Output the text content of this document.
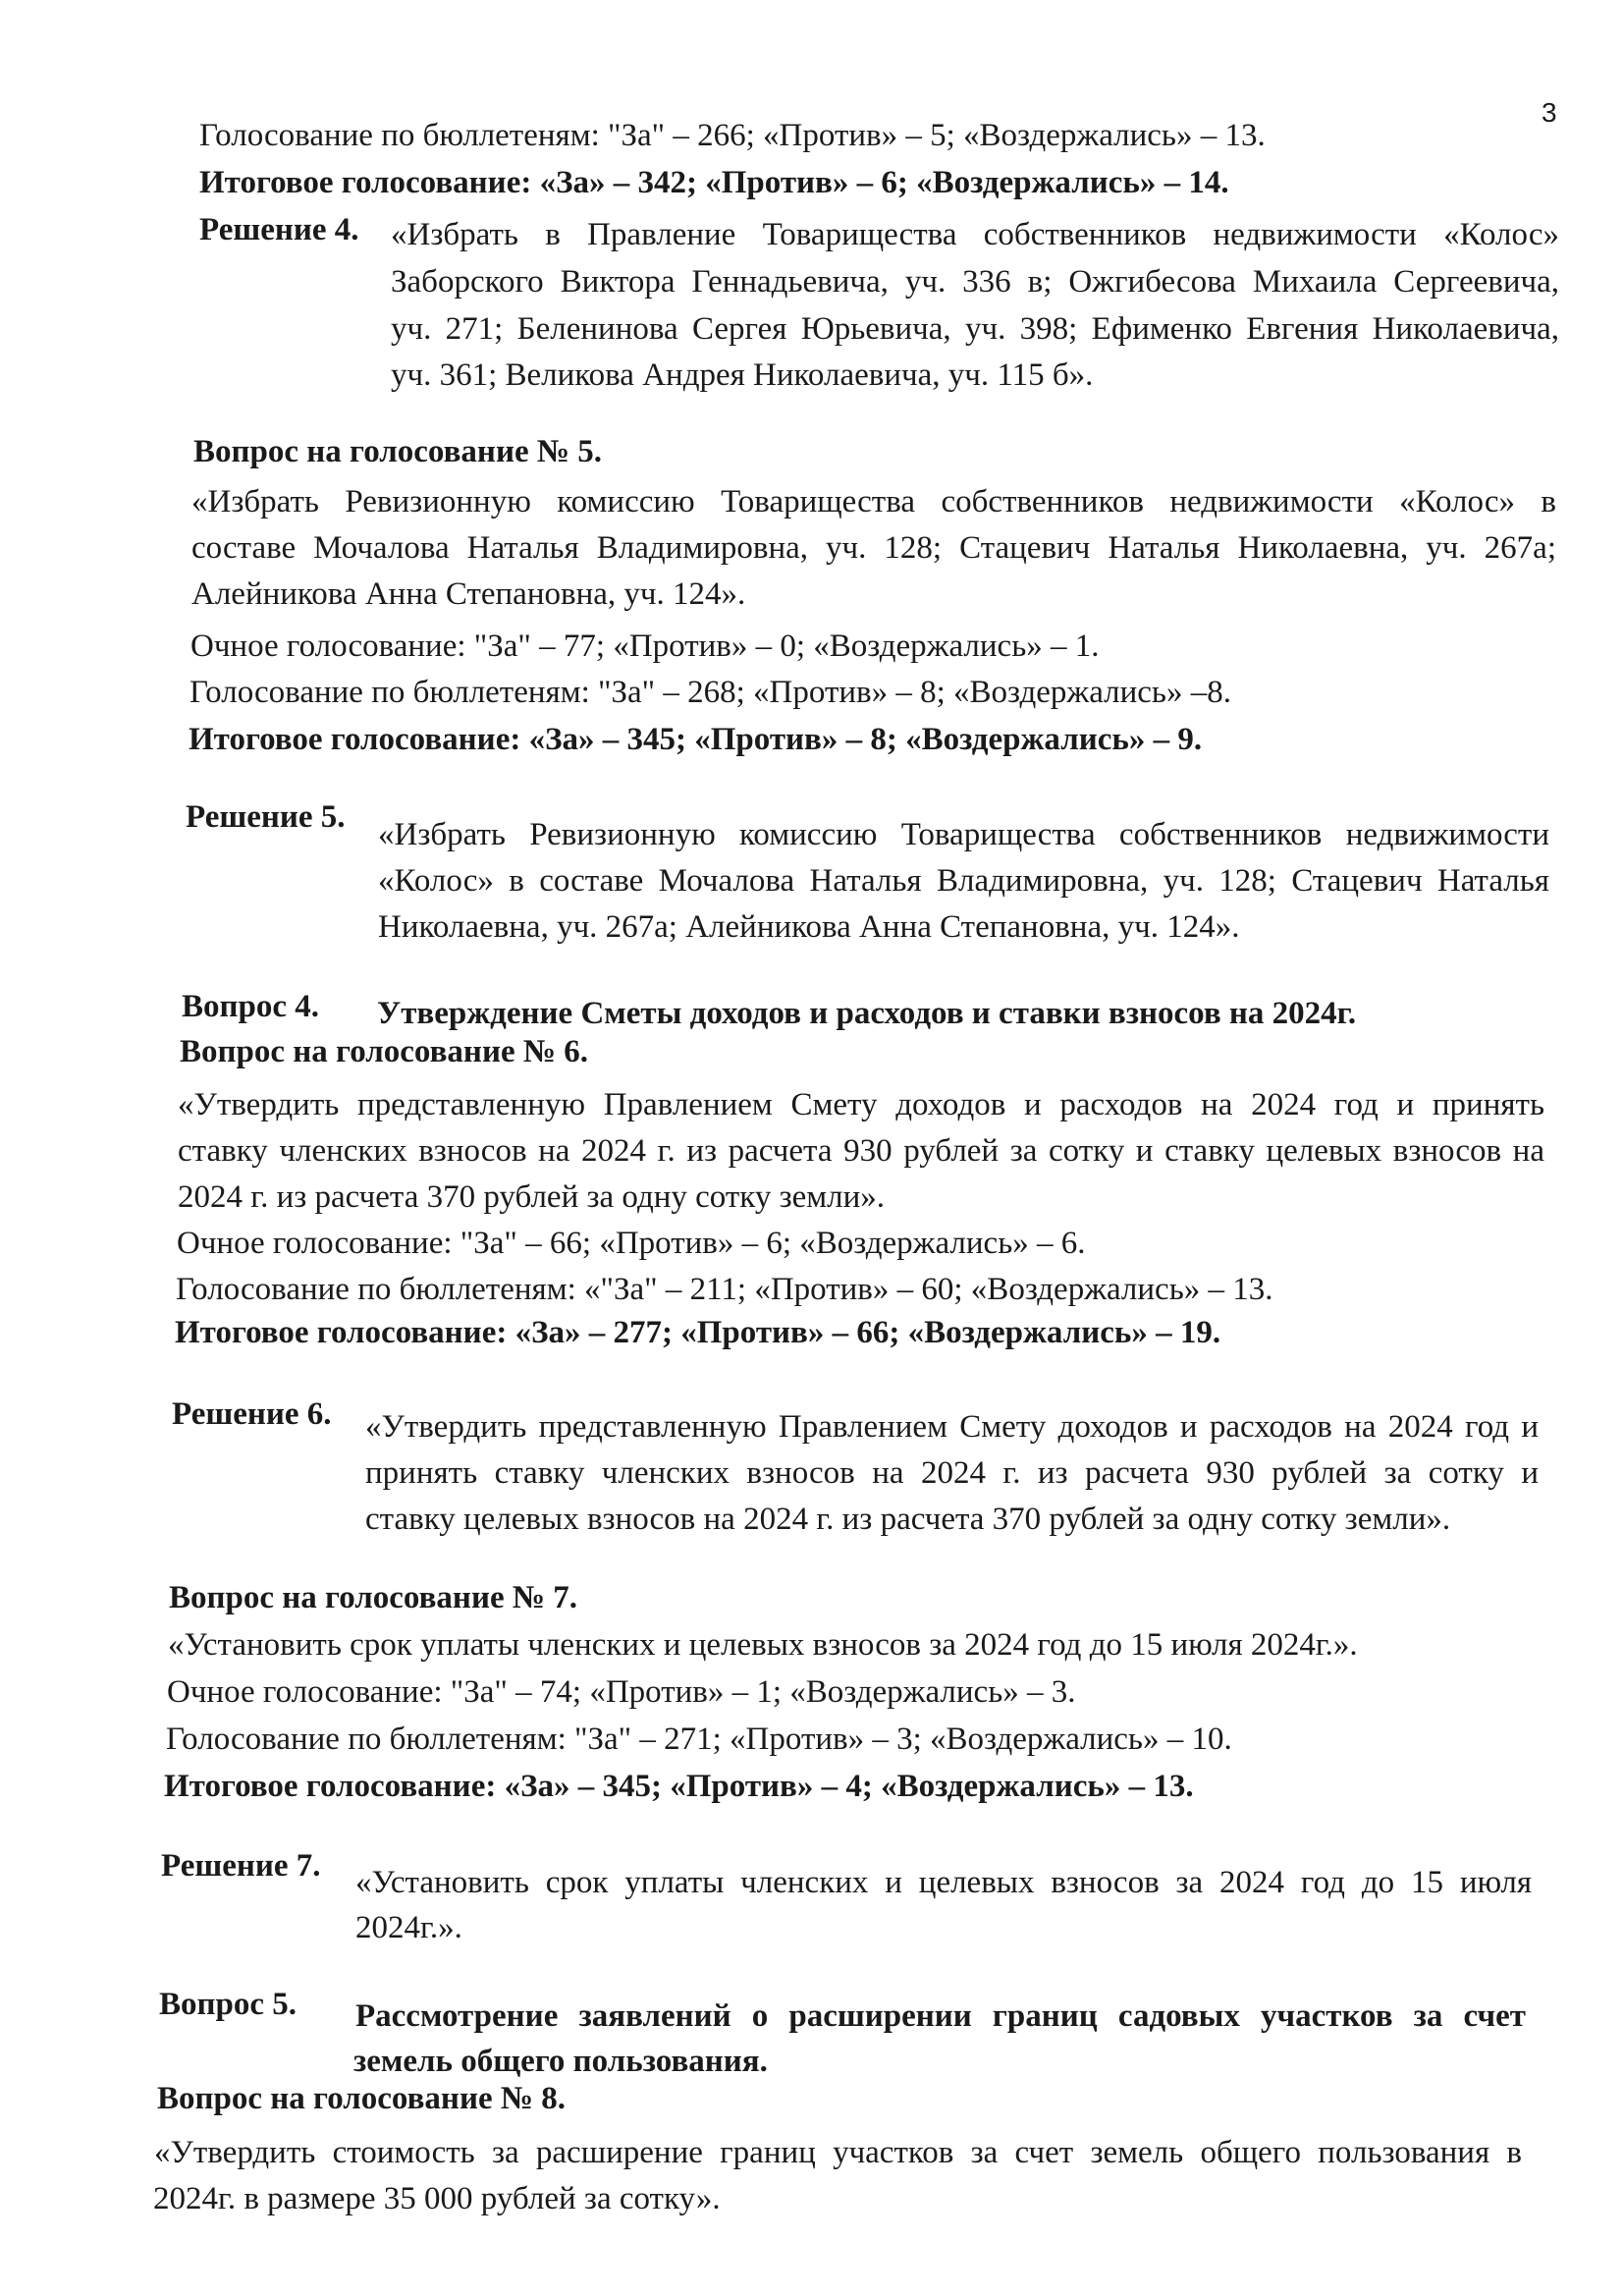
3
Голосование по бюллетеням: "За" – 266; «Против» – 5; «Воздержались» – 13.
Итоговое голосование: «За» – 342; «Против» – 6; «Воздержались» – 14.
Решение 4. «Избрать в Правление Товарищества собственников недвижимости «Колос»
Заборского Виктора Геннадьевича, уч. 336 в; Ожгибесова Михаила Сергеевича,
уч. 271; Беленинова Сергея Юрьевича, уч. 398; Ефименко Евгения Николаевича,
уч. 361; Великова Андрея Николаевича, уч. 115 б».
Вопрос на голосование № 5.
«Избрать Ревизионную комиссию Товарищества собственников недвижимости «Колос» в
составе Мочалова Наталья Владимировна, уч. 128; Стацевич Наталья Николаевна, уч. 267а;
Алейникова Анна Степановна, уч. 124».
Очное голосование: "За" – 77; «Против» – 0; «Воздержались» – 1.
Голосование по бюллетеням: "За" – 268; «Против» – 8; «Воздержались» –8.
Итоговое голосование: «За» – 345; «Против» – 8; «Воздержались» – 9.
Решение 5. «Избрать Ревизионную комиссию Товарищества собственников недвижимости
«Колос» в составе Мочалова Наталья Владимировна, уч. 128; Стацевич Наталья
Николаевна, уч. 267а; Алейникова Анна Степановна, уч. 124».
Вопрос 4. Утверждение Сметы доходов и расходов и ставки взносов на 2024г.
Вопрос на голосование № 6.
«Утвердить представленную Правлением Смету доходов и расходов на 2024 год и принять
ставку членских взносов на 2024 г. из расчета 930 рублей за сотку и ставку целевых взносов на
2024 г. из расчета 370 рублей за одну сотку земли».
Очное голосование: "За" – 66; «Против» – 6; «Воздержались» – 6.
Голосование по бюллетеням: «"За" – 211; «Против» – 60; «Воздержались» – 13.
Итоговое голосование: «За» – 277; «Против» – 66; «Воздержались» – 19.
Решение 6. «Утвердить представленную Правлением Смету доходов и расходов на 2024 год и
принять ставку членских взносов на 2024 г. из расчета 930 рублей за сотку и
ставку целевых взносов на 2024 г. из расчета 370 рублей за одну сотку земли».
Вопрос на голосование № 7.
«Установить срок уплаты членских и целевых взносов за 2024 год до 15 июля 2024г.».
Очное голосование: "За" – 74; «Против» – 1; «Воздержались» – 3.
Голосование по бюллетеням: "За" – 271; «Против» – 3; «Воздержались» – 10.
Итоговое голосование: «За» – 345; «Против» – 4; «Воздержались» – 13.
Решение 7. «Установить срок уплаты членских и целевых взносов за 2024 год до 15 июля
2024г.».
Вопрос 5. Рассмотрение заявлений о расширении границ садовых участков за счет
земель общего пользования.
Вопрос на голосование № 8.
«Утвердить стоимость за расширение границ участков за счет земель общего пользования в
2024г. в размере 35 000 рублей за сотку».
